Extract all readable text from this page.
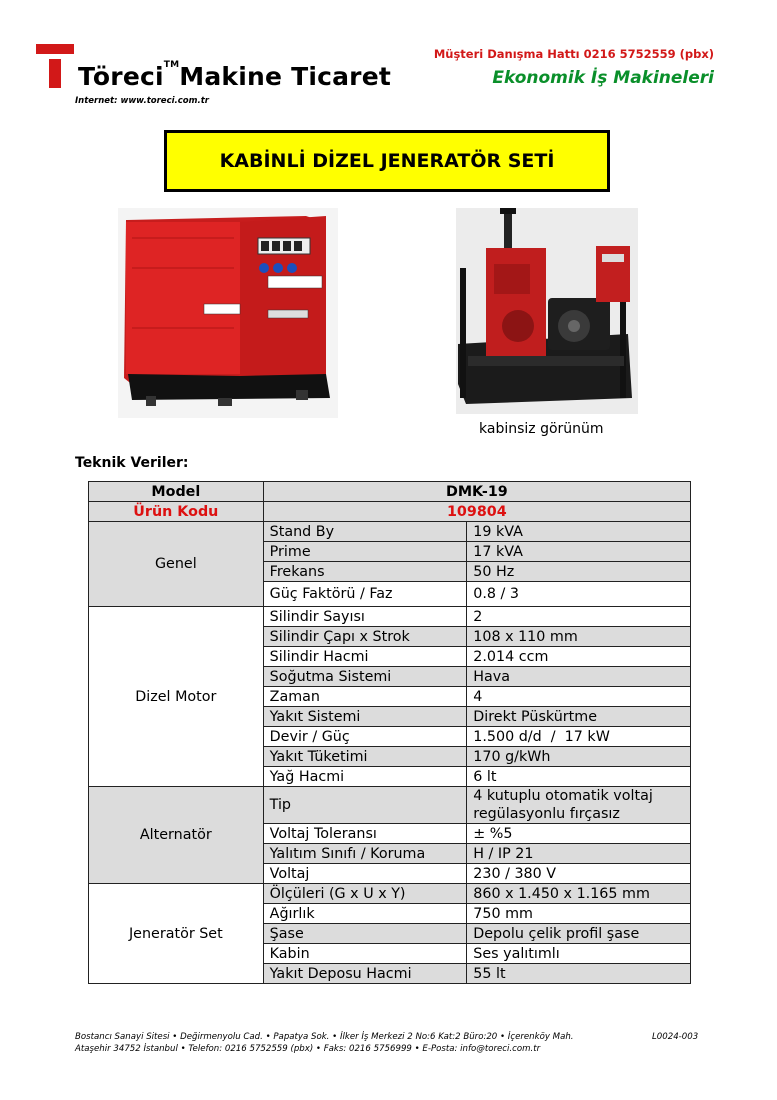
Töreci™Makine Ticaret
Internet: www.toreci.com.tr
Müşteri Danışma Hattı 0216 5752559 (pbx)
Ekonomik İş Makineleri
KABİNLİ DİZEL JENERATÖR SETİ
kabinsiz görünüm
Teknik Veriler:
Model	DMK-19	
Ürün Kodu	109804	
Genel	Stand By	19 kVA
	Prime	17 kVA
	Frekans	50 Hz
	Güç Faktörü / Faz	0.8 / 3
Dizel Motor	Silindir Sayısı	2
	Silindir Çapı x Strok	108 x 110 mm
	Silindir Hacmi	2.014 ccm
	Soğutma Sistemi	Hava
	Zaman	4
	Yakıt Sistemi	Direkt Püskürtme
	Devir / Güç	1.500 d/d  /  17 kW
	Yakıt Tüketimi	170 g/kWh
	Yağ Hacmi	6 lt
Alternatör	Tip	4 kutuplu otomatik voltaj regülasyonlu fırçasız
	Voltaj Toleransı	± %5
	Yalıtım Sınıfı / Koruma	H / IP 21
	Voltaj	230 / 380 V
Jeneratör Set	Ölçüleri (G x U x Y)	860 x 1.450 x 1.165 mm
	Ağırlık	750 mm
	Şase	Depolu çelik profil şase
	Kabin	Ses yalıtımlı
	Yakıt Deposu Hacmi	55 lt
Bostancı Sanayi Sitesi • Değirmenyolu Cad. • Papatya Sok. • İlker İş Merkezi 2 No:6 Kat:2 Büro:20 • İçerenköy Mah.
Ataşehir 34752 İstanbul • Telefon: 0216 5752559 (pbx) • Faks: 0216 5756999 • E-Posta: info@toreci.com.tr
L0024-003
